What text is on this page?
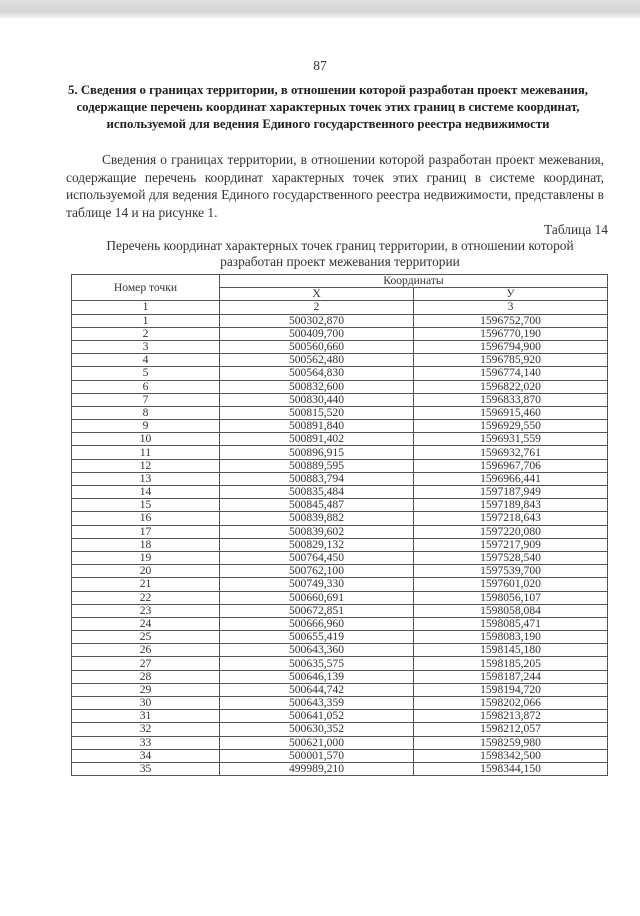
87
5. Сведения о границах территории, в отношении которой разработан проект межевания, содержащие перечень координат характерных точек этих границ в системе координат, используемой для ведения Единого государственного реестра недвижимости
Сведения о границах территории, в отношении которой разработан проект межевания, содержащие перечень координат характерных точек этих границ в системе координат, используемой для ведения Единого государственного реестра недвижимости, представлены в таблице 14 и на рисунке 1.
Таблица 14
Перечень координат характерных точек границ территории, в отношении которой разработан проект межевания территории
Номер точки	Координаты	
	X	У
1	2	3
1	500302,870	1596752,700
2	500409,700	1596770,190
3	500560,660	1596794,900
4	500562,480	1596785,920
5	500564,830	1596774,140
6	500832,600	1596822,020
7	500830,440	1596833,870
8	500815,520	1596915,460
9	500891,840	1596929,550
10	500891,402	1596931,559
11	500896,915	1596932,761
12	500889,595	1596967,706
13	500883,794	1596966,441
14	500835,484	1597187,949
15	500845,487	1597189,843
16	500839,882	1597218,643
17	500839,602	1597220,080
18	500829,132	1597217,909
19	500764,450	1597528,540
20	500762,100	1597539,700
21	500749,330	1597601,020
22	500660,691	1598056,107
23	500672,851	1598058,084
24	500666,960	1598085,471
25	500655,419	1598083,190
26	500643,360	1598145,180
27	500635,575	1598185,205
28	500646,139	1598187,244
29	500644,742	1598194,720
30	500643,359	1598202,066
31	500641,052	1598213,872
32	500630,352	1598212,057
33	500621,000	1598259,980
34	500001,570	1598342,500
35	499989,210	1598344,150
